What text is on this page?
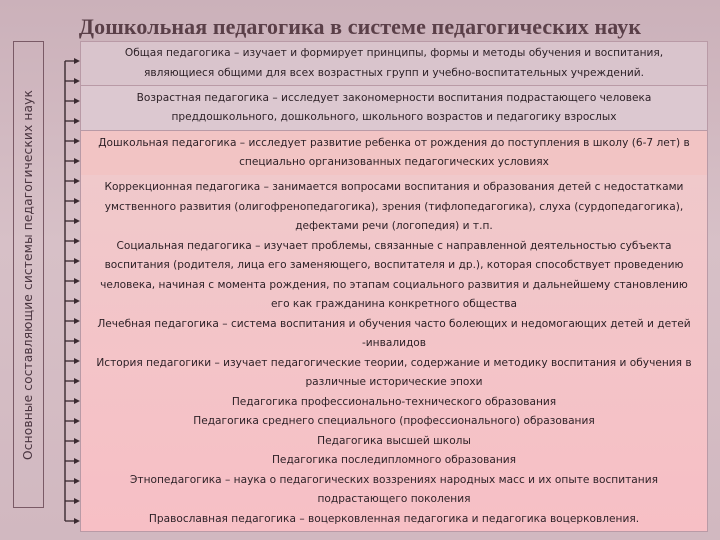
Дошкольная педагогика в системе педагогических наук
Основные составляющие системы педагогических наук
Общая педагогика – изучает и формирует принципы, формы и методы обучения и воспитания,
являющиеся общими для всех возрастных групп и учебно-воспитательных учреждений.
Возрастная педагогика – исследует закономерности воспитания подрастающего человека
преддошкольного, дошкольного, школьного возрастов и педагогику взрослых
Дошкольная педагогика – исследует развитие ребенка от рождения до поступления в школу (6-7 лет) в
специально организованных педагогических условиях
Коррекционная педагогика – занимается вопросами воспитания и образования детей с недостатками
умственного развития (олигофренопедагогика), зрения (тифлопедагогика), слуха (сурдопедагогика),
дефектами речи (логопедия) и т.п.
Социальная педагогика – изучает проблемы, связанные с направленной деятельностью субъекта
воспитания (родителя, лица его заменяющего, воспитателя и др.), которая способствует проведению
человека, начиная с момента рождения, по этапам социального развития и дальнейшему становлению
его как гражданина конкретного общества
Лечебная педагогика – система воспитания и обучения часто болеющих и недомогающих детей и детей
-инвалидов
История педагогики – изучает педагогические теории, содержание и методику воспитания и обучения в
различные исторические эпохи
Педагогика профессионально-технического образования
Педагогика среднего специального (профессионального) образования
Педагогика высшей школы
Педагогика последипломного образования
Этнопедагогика – наука о педагогических воззрениях народных масс и их опыте воспитания
подрастающего поколения
Православная педагогика – воцерковленная педагогика и педагогика воцерковления.
